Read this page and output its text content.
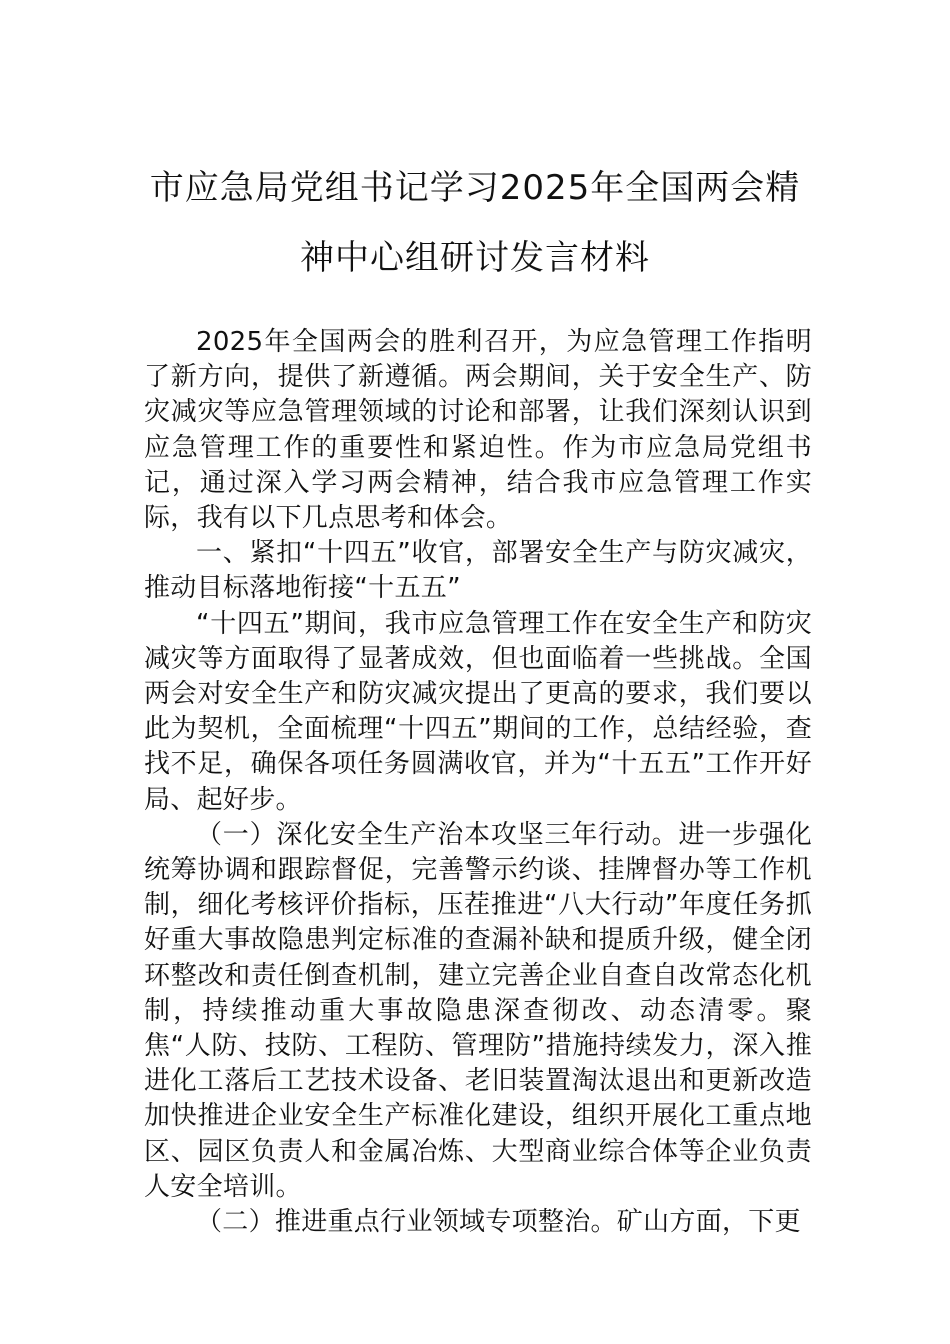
市应急局党组书记学习2025年全国两会精
神中心组研讨发言材料

2025年全国两会的胜利召开，为应急管理工作指明了新方向，提供了新遵循。两会期间，关于安全生产、防灾减灾等应急管理领域的讨论和部署，让我们深刻认识到应急管理工作的重要性和紧迫性。作为市应急局党组书记，通过深入学习两会精神，结合我市应急管理工作实际，我有以下几点思考和体会。

一、紧扣“十四五”收官，部署安全生产与防灾减灾，推动目标落地衔接“十五五”

“十四五”期间，我市应急管理工作在安全生产和防灾减灾等方面取得了显著成效，但也面临着一些挑战。全国两会对安全生产和防灾减灾提出了更高的要求，我们要以此为契机，全面梳理“十四五”期间的工作，总结经验，查找不足，确保各项任务圆满收官，并为“十五五”工作开好局、起好步。

（一）深化安全生产治本攻坚三年行动。进一步强化统筹协调和跟踪督促，完善警示约谈、挂牌督办等工作机制，细化考核评价指标，压茬推进“八大行动”年度任务抓好重大事故隐患判定标准的查漏补缺和提质升级，健全闭环整改和责任倒查机制，建立完善企业自查自改常态化机制，持续推动重大事故隐患深查彻改、动态清零。聚焦“人防、技防、工程防、管理防”措施持续发力，深入推进化工落后工艺技术设备、老旧装置淘汰退出和更新改造加快推进企业安全生产标准化建设，组织开展化工重点地区、园区负责人和金属冶炼、大型商业综合体等企业负责人安全培训。

（二）推进重点行业领域专项整治。矿山方面，下更
